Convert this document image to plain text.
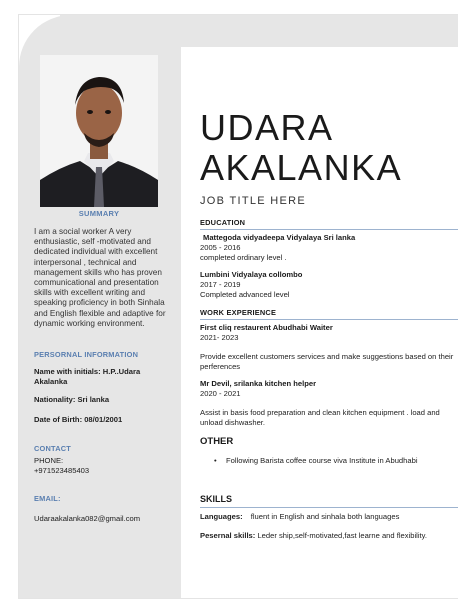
SUMMARY
I am a social worker A very enthusiastic, self -motivated and dedicated individual with excellent interpersonal , technical and management skills who has proven communicational and presentation skills with excellent writing and speaking proficiency in both Sinhala and English flexible and adaptive for dynamic working environment.
PERSORNAL INFORMATION
Name with initials: H.P..Udara Akalanka
Nationality: Sri lanka
Date of Birth: 08/01/2001
CONTACT
PHONE:
+971523485403
EMAIL:
Udaraakalanka082@gmail.com
UDARA
AKALANKA
JOB TITLE HERE
EDUCATION
Mattegoda vidyadeepa Vidyalaya Sri lanka
2005 - 2016
completed ordinary level .
Lumbini Vidyalaya collombo
2017 - 2019
Completed advanced level
WORK EXPERIENCE
First cliq restaurent Abudhabi Waiter
2021- 2023
Provide excellent customers services and make suggestions based on their perferences
Mr Devil, srilanka kitchen helper
2020 - 2021
Assist in basis food preparation and clean kitchen equipment . load and unload dishwasher.
OTHER
• Following Barista coffee course viva Institute in Abudhabi
SKILLS
Languages: fluent in English and sinhala both languages
Pesernal skills: Leder ship,self-motivated,fast learne and flexibility.
